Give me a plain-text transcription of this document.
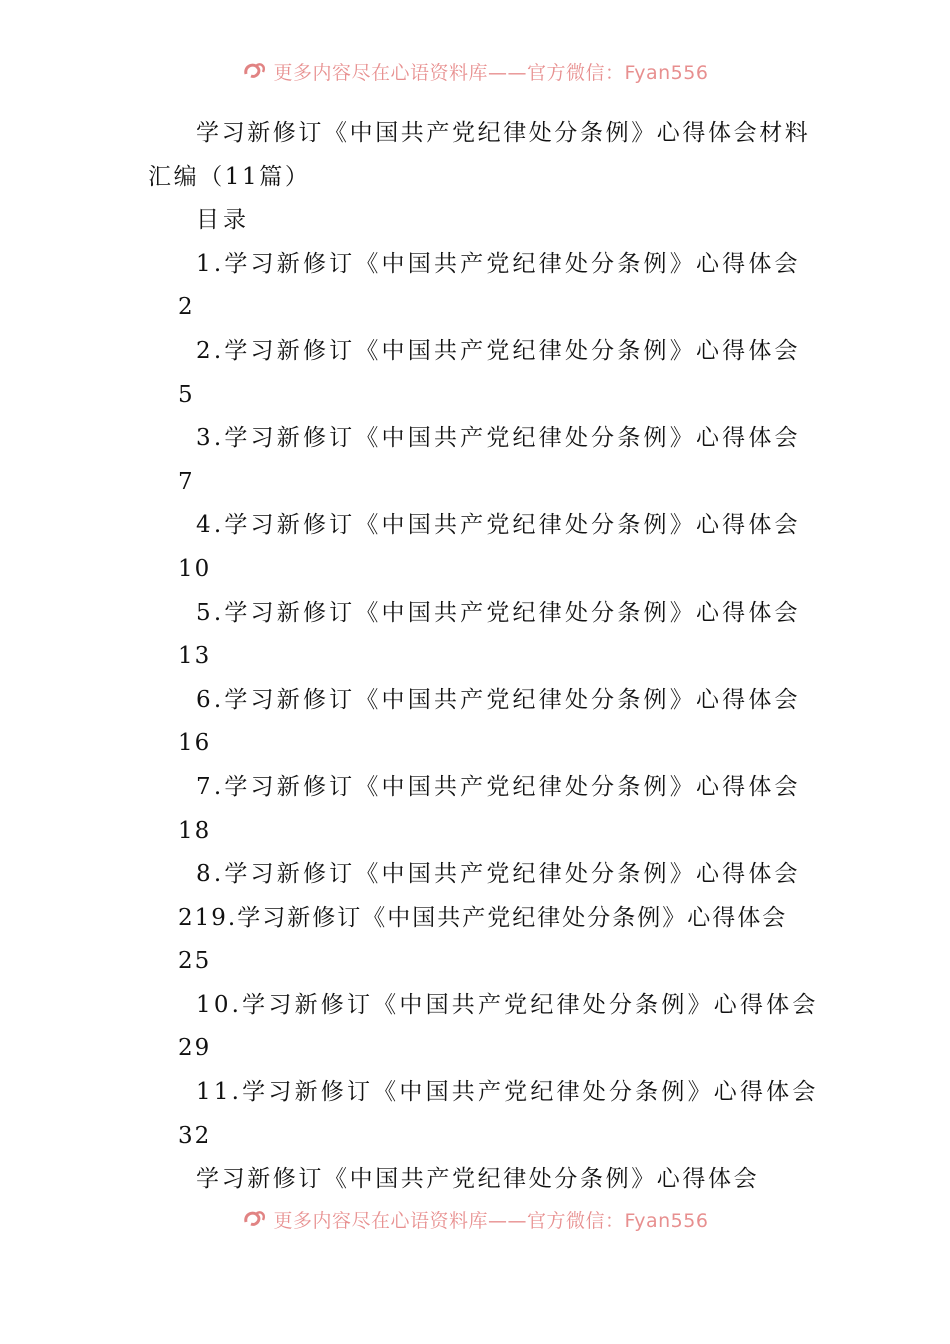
更多内容尽在心语资料库——官方微信：Fyan556
学习新修订《中国共产党纪律处分条例》心得体会材料
汇编（11篇）
目录
1.学习新修订《中国共产党纪律处分条例》心得体会
2
2.学习新修订《中国共产党纪律处分条例》心得体会
5
3.学习新修订《中国共产党纪律处分条例》心得体会
7
4.学习新修订《中国共产党纪律处分条例》心得体会
10
5.学习新修订《中国共产党纪律处分条例》心得体会
13
6.学习新修订《中国共产党纪律处分条例》心得体会
16
7.学习新修订《中国共产党纪律处分条例》心得体会
18
8.学习新修订《中国共产党纪律处分条例》心得体会
219.学习新修订《中国共产党纪律处分条例》心得体会
25
10.学习新修订《中国共产党纪律处分条例》心得体会
29
11.学习新修订《中国共产党纪律处分条例》心得体会
32
学习新修订《中国共产党纪律处分条例》心得体会
更多内容尽在心语资料库——官方微信：Fyan556
